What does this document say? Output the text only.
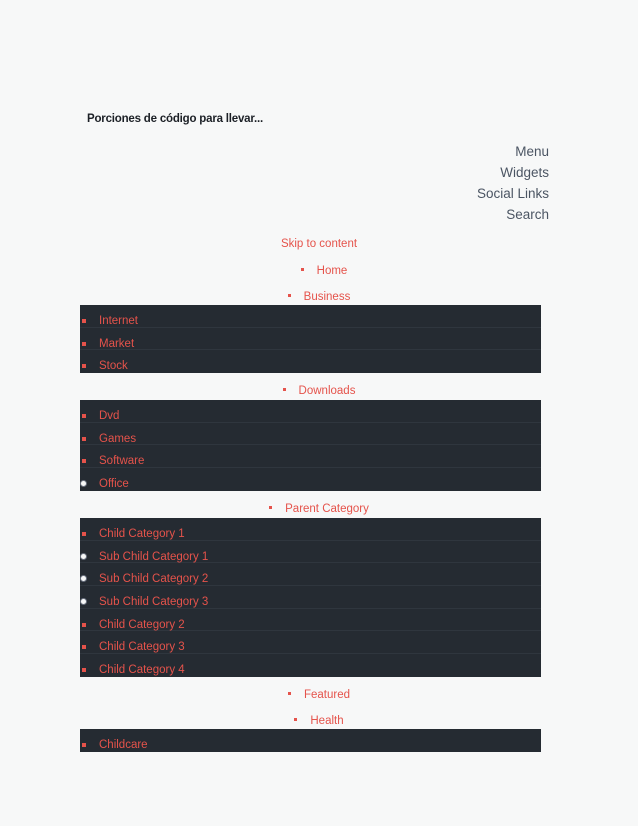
Porciones de código para llevar...
Menu
Widgets
Social Links
Search
Skip to content
Home
Business
Internet
Market
Stock
Downloads
Dvd
Games
Software
Office
Parent Category
Child Category 1
Sub Child Category 1
Sub Child Category 2
Sub Child Category 3
Child Category 2
Child Category 3
Child Category 4
Featured
Health
Childcare
